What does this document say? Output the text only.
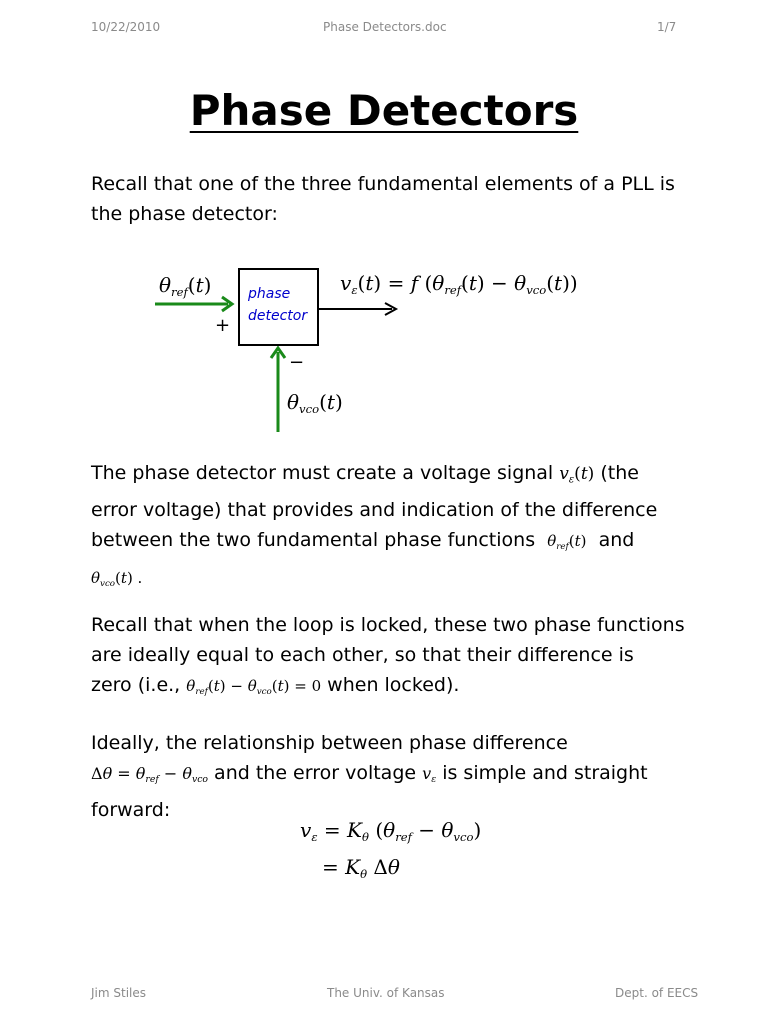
10/22/2010	Phase Detectors.doc	1/7
Phase Detectors
Recall that one of the three fundamental elements of a PLL is
the phase detector:
phase
detector
+
−
$\theta_{ref}(t)$
$\theta_{vco}(t)$
$v_\varepsilon(t) = f$ $(\theta_{ref}(t) - \theta_{vco}(t))$
The phase detector must create a voltage signal $v_\varepsilon(t)$ (the
error voltage) that provides and indication of the difference
between the two fundamental phase functions $\theta_{ref}(t)$ and
$\theta_{vco}(t)$ .
Recall that when the loop is locked, these two phase functions
are ideally equal to each other, so that their difference is
zero (i.e., $\theta_{ref}(t) - \theta_{vco}(t) = 0$ when locked).
Ideally, the relationship between phase difference
$\Delta\theta = \theta_{ref} - \theta_{vco}$ and the error voltage $v_\varepsilon$ is simple and straight
forward:
$v_\varepsilon = K_\theta$ $(\theta_{ref} - \theta_{vco})$
= $K_\theta$ Δθ
Jim Stiles	The Univ. of Kansas	Dept. of EECS
